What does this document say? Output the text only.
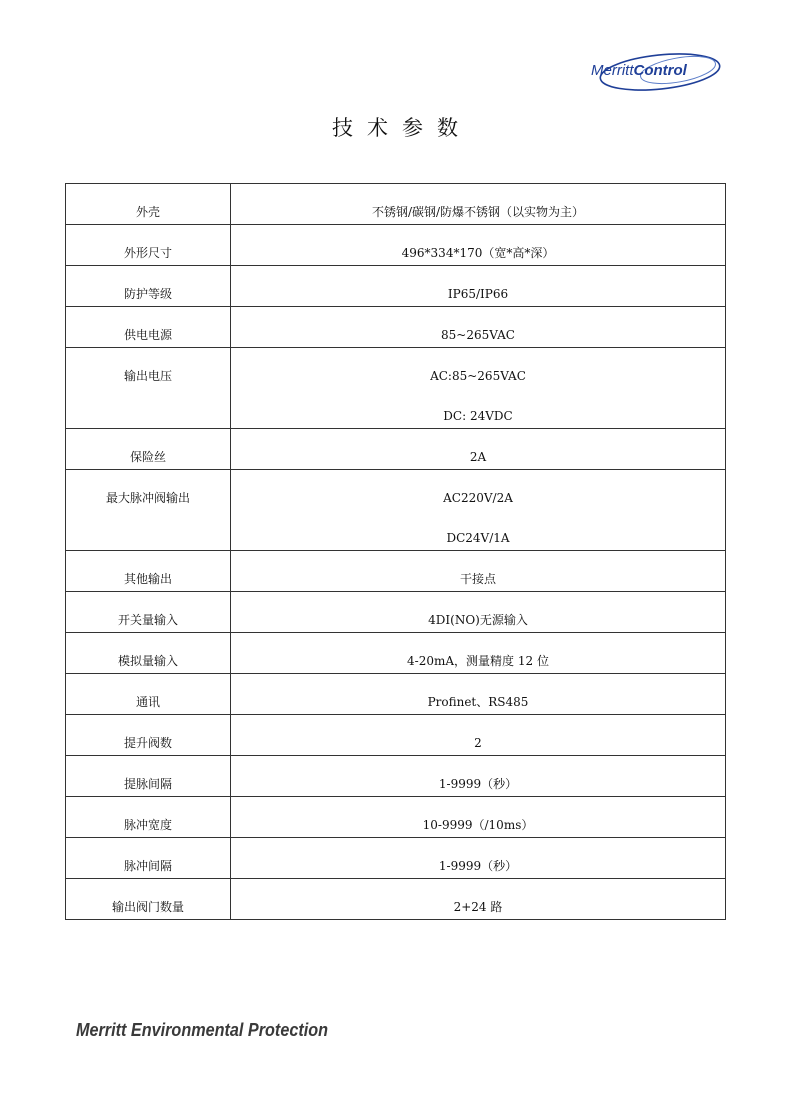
MerrittControl
技术参数
外壳	不锈钢/碳钢/防爆不锈钢（以实物为主）

外形尺寸	496*334*170（宽*高*深）

防护等级	IP65/IP66

供电电源	85~265VAC

输出电压	AC:85~265VAC
DC: 24VDC

保险丝	2A

最大脉冲阀输出	AC220V/2A
DC24V/1A

其他输出	干接点

开关量输入	4DI(NO)无源输入

模拟量输入	4-20mA，测量精度 12 位

通讯	Profinet、RS485

提升阀数	2

提脉间隔	1-9999（秒）

脉冲宽度	10-9999（/10ms）

脉冲间隔	1-9999（秒）

输出阀门数量	2+24 路
Merritt Environmental Protection
